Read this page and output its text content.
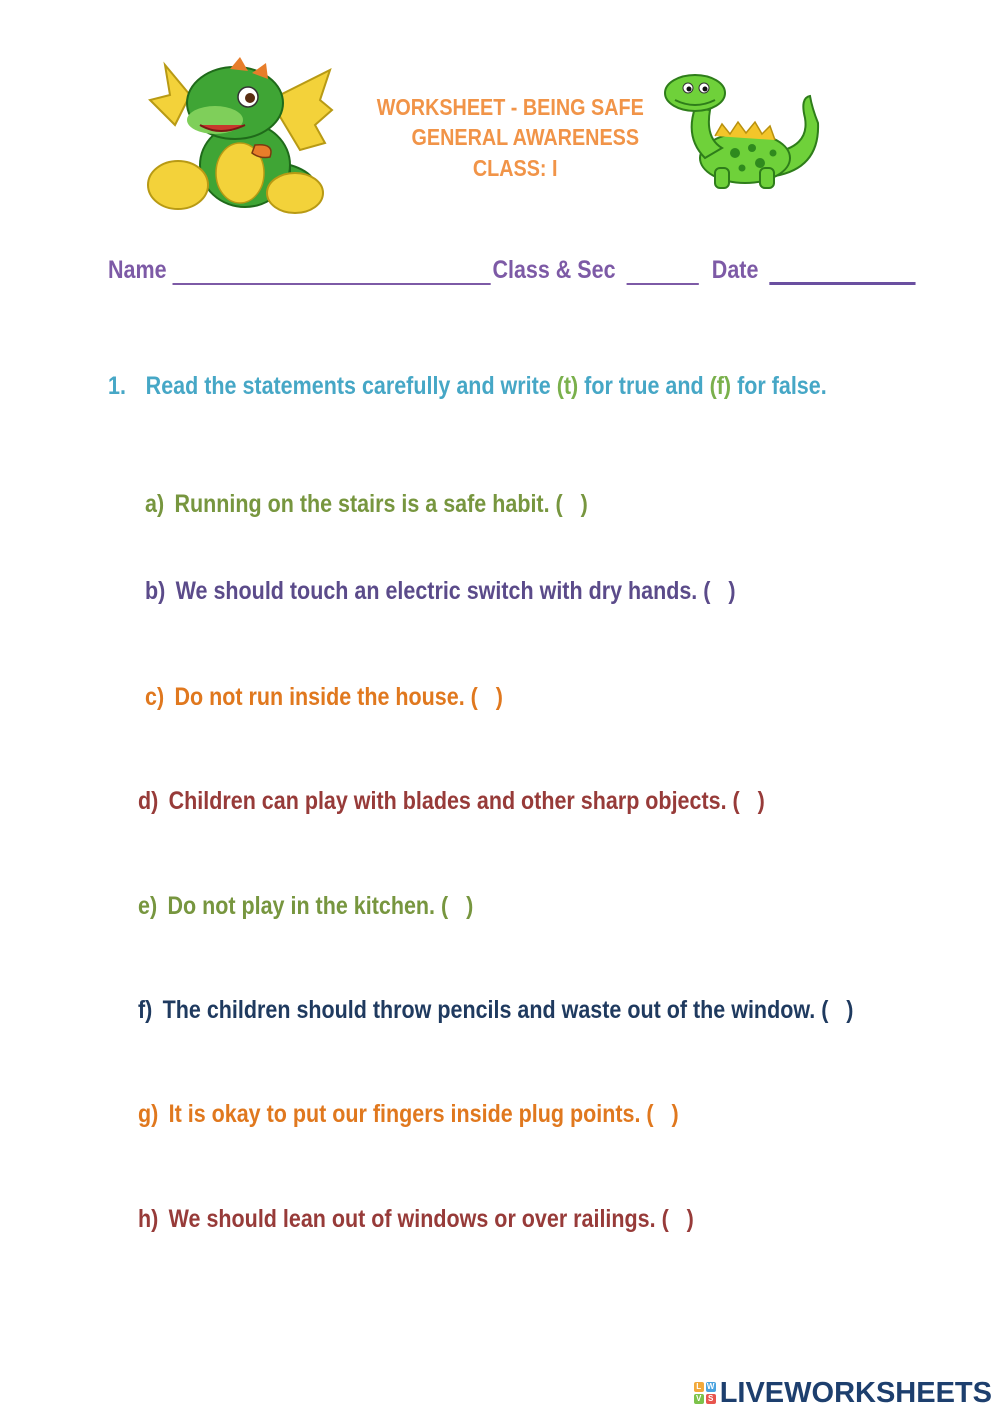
WORKSHEET - BEING SAFE
GENERAL AWARENESS
CLASS: I
Name	Class & Sec	Date
1. Read the statements carefully and write (t) for true and (f) for false.
a) Running on the stairs is a safe habit. (   )
b) We should touch an electric switch with dry hands. (   )
c) Do not run inside the house. (   )
d) Children can play with blades and other sharp objects. (   )
e) Do not play in the kitchen. (   )
f) The children should throw pencils and waste out of the window. (   )
g) It is okay to put our fingers inside plug points. (   )
h) We should lean out of windows or over railings. (   )
L W
V S LIVEWORKSHEETS
